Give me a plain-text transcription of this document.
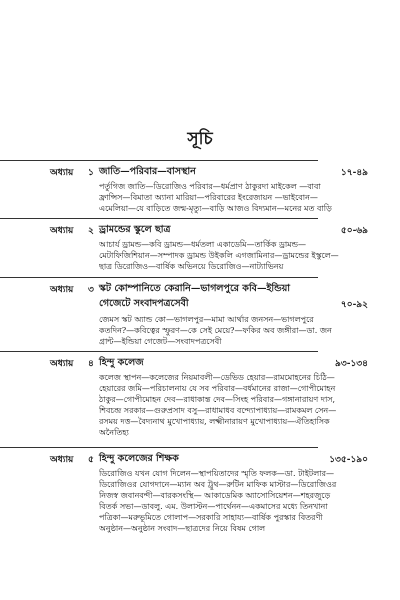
সূচি
অধ্যায় ১ জাতি—পরিবার—বাসস্থান	১৭-৪৯
পর্তুগিজ জাতি—ডিরোজিও পরিবার—ধর্মপ্রাণ ঠাকুরদা মাইকেল —বাবা
ফ্রান্সিস—বিমাতা অ্যানা মারিয়া—পরিবারের ইংরেজায়ন —ভাইবোন—
এমেলিয়া—যে বাড়িতে জন্ম-মৃত্যু—বাড়ি আজও বিদ্যমান—মনের মত বাড়ি
অধ্যায় ২ ড্রামন্ডের স্কুলে ছাত্র	৫০-৬৯
আচার্য ড্রামন্ড—কবি ড্রামন্ড—ধর্মতলা একাডেমি—তার্কিক ড্রামন্ড—
মেটাফিজিশিয়ান—সম্পাদক ড্রামন্ড উইকলি এগজামিনার—ড্রামন্ডের ইস্কুলে—
ছাত্র ডিরোজিও—বার্ষিক অভিনয়ে ডিরোজিও—নাট্যাভিনয়
অধ্যায় ৩ স্কট কোম্পানিতে কেরানি—ভাগলপুরে কবি—ইন্ডিয়া
গেজেটে সংবাদপত্রসেবী	৭০-৯২
জেমস স্কট অ্যান্ড কো—ভাগলপুর—মামা আর্থার জনসন—ভাগলপুরে
কতদিন?—কবিত্বের স্ফুরণ—কে সেই মেয়ে?—ফকির অব জঙ্গীরা—ডা. জন
গ্রান্ট—ইন্ডিয়া গেজেট—সংবাদপত্রসেবী
অধ্যায় ৪ হিন্দু কলেজ	৯৩-১৩৪
কলেজ স্থাপন—কলেজের নিয়মাবলী—ডেভিড হেয়ার—রামমোহনের চিঠি—
হেয়ারের জমি—পরিচালনায় যে সব পরিবার—বর্ধমানের রাজা—গোপীমোহন
ঠাকুর—গোপীমোহন দেব—রাধাকান্ত দেব—সিংহ পরিবার—গঙ্গানারায়ণ দাস,
শিবচন্দ্র সরকার—গুরুপ্রসাদ বসু—রাধামাধব বন্দ্যোপাধ্যায়—রামকমল সেন—
রসময় দত্ত—বৈদ্যনাথ মুখোপাধ্যায়, লক্ষ্মীনারায়ণ মুখোপাধ্যায়—ঐতিহাসিক
অনৈতিহ্য
অধ্যায় ৫ হিন্দু কলেজের শিক্ষক	১৩৫-১৯০
ডিরোজিও যখন যোগ দিলেন—স্থাপয়িতাদের স্মৃতি ফলক—ডা. টাইটলার—
ডিরোজিওর যোগদানে—ম্যান অব ট্রুথ—রুটিন মাফিক মাস্টার—ডিরোজিওর
নিজস্ব জবানবন্দী—বারকসংস্থি— আকাডেমিক অ্যাসোসিয়েশন—শহরজুড়ে
বিতর্ক সভা—ডাবলু. এম. উলাস্টন—পার্থেনন—একমাসের মধ্যে তিনখানা
পত্রিকা—মরুভূমিতে গোলাপ—সরকারি সাহায্য—বার্ষিক পুরস্কার বিতরণী
অনুষ্ঠান—অনুষ্ঠান সংবাদ—ছাত্রদের নিয়ে বিষম গোল
